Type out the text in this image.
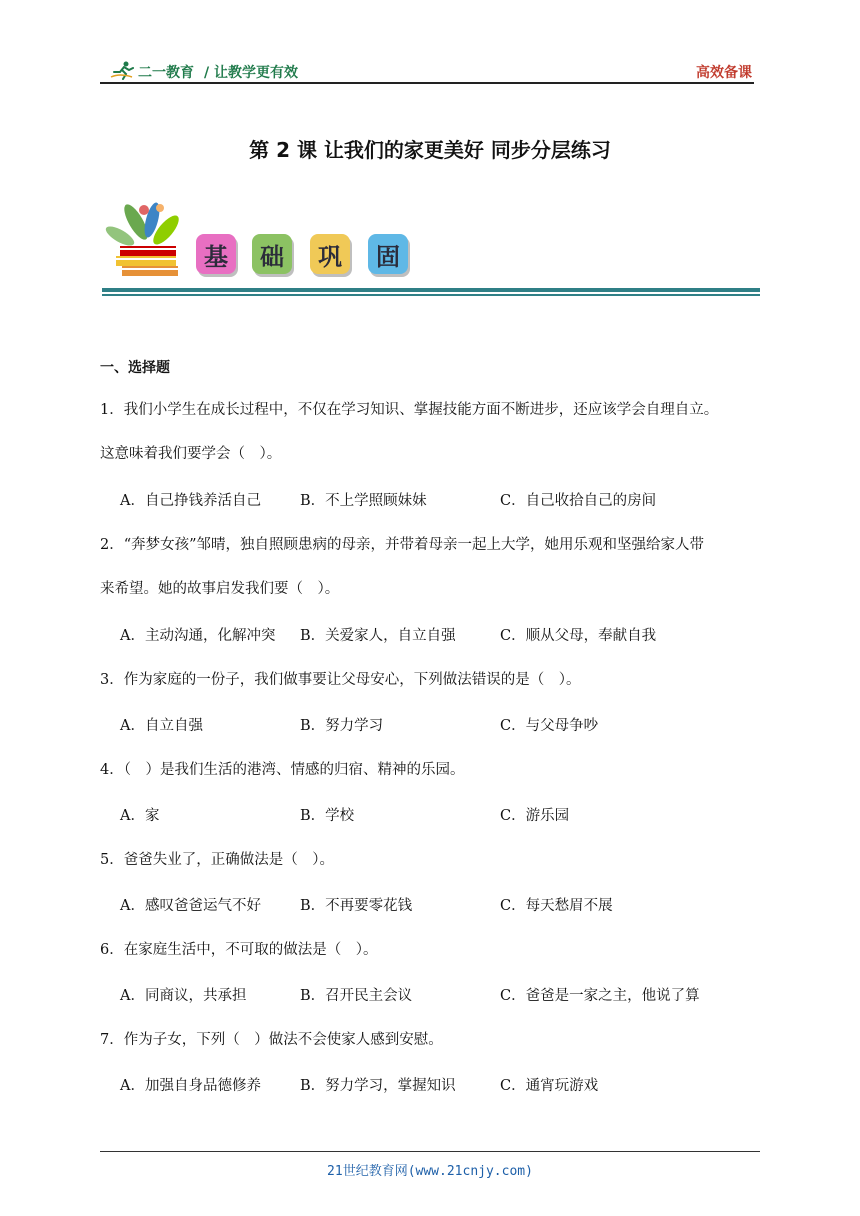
二一教育 / 让教学更有效	高效备课
第 2 课 让我们的家更美好 同步分层练习
基	础	巩	固
一、选择题
1．我们小学生在成长过程中，不仅在学习知识、掌握技能方面不断进步，还应该学会自理自立。
这意味着我们要学会（　）。
A．自己挣钱养活自己	B．不上学照顾妹妹	C．自己收拾自己的房间
2．“奔梦女孩”邹晴，独自照顾患病的母亲，并带着母亲一起上大学，她用乐观和坚强给家人带
来希望。她的故事启发我们要（　）。
A．主动沟通，化解冲突 B．关爱家人，自立自强	C．顺从父母，奉献自我
3．作为家庭的一份子，我们做事要让父母安心，下列做法错误的是（　）。
A．自立自强	B．努力学习	C．与父母争吵
4．（　）是我们生活的港湾、情感的归宿、精神的乐园。
A．家	B．学校	C．游乐园
5．爸爸失业了，正确做法是（　）。
A．感叹爸爸运气不好	B．不再要零花钱	C．每天愁眉不展
6．在家庭生活中，不可取的做法是（　）。
A．同商议，共承担	B．召开民主会议	C．爸爸是一家之主，他说了算
7．作为子女，下列（　）做法不会使家人感到安慰。
A．加强自身品德修养	B．努力学习，掌握知识	C．通宵玩游戏
21世纪教育网(www.21cnjy.com)
